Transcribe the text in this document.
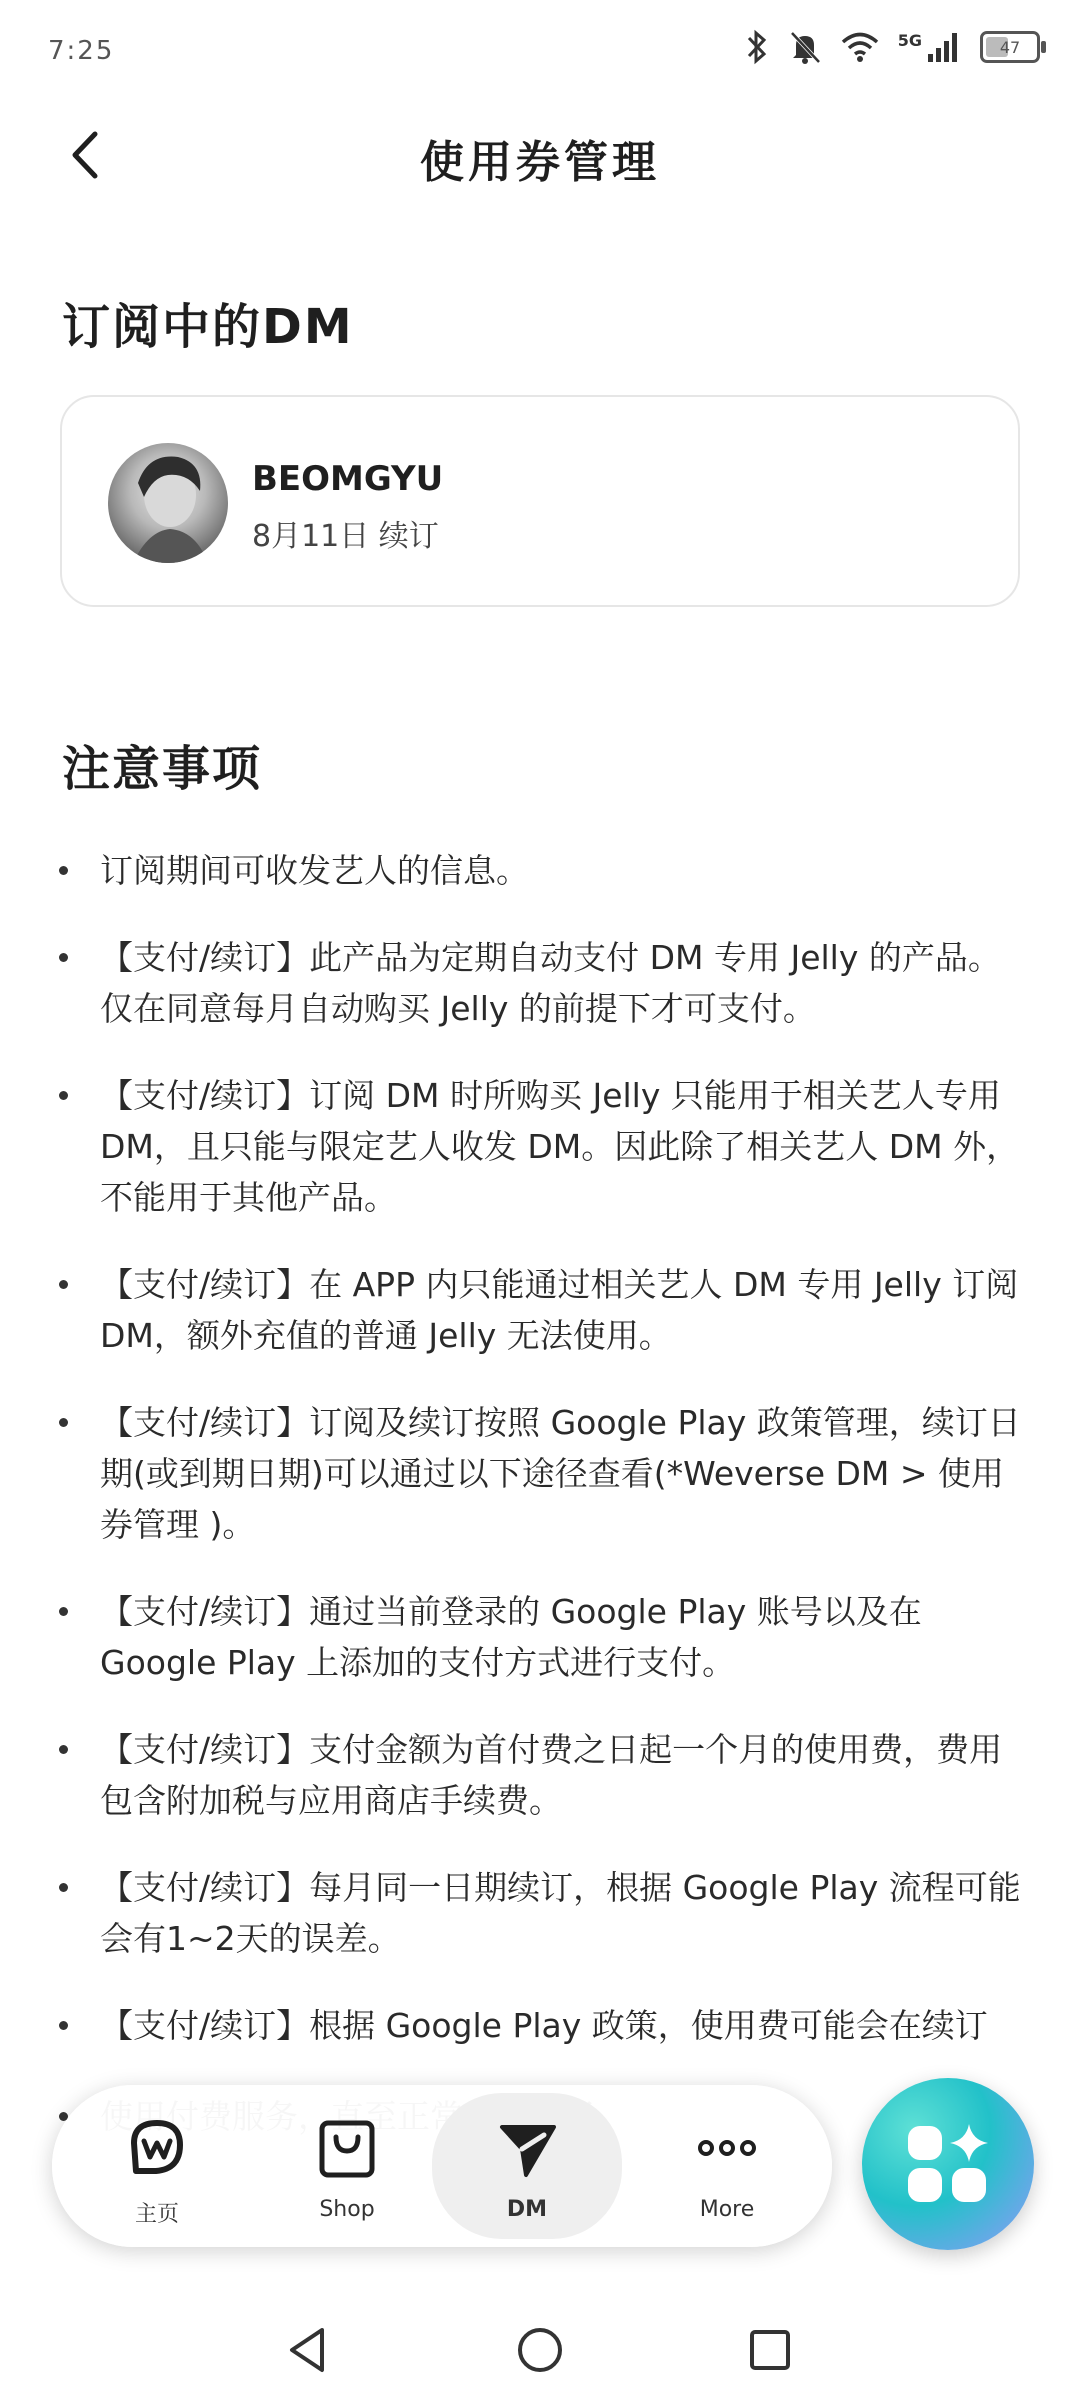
7:25	5G	47
使用券管理
订阅中的DM
BEOMGYU
8月11日 续订
注意事项
订阅期间可收发艺人的信息。
【支付/续订】此产品为定期自动支付 DM 专用 Jelly 的产品。仅在同意每月自动购买 Jelly 的前提下才可支付。
【支付/续订】订阅 DM 时所购买 Jelly 只能用于相关艺人专用 DM，且只能与限定艺人收发 DM。因此除了相关艺人 DM 外，不能用于其他产品。
【支付/续订】在 APP 内只能通过相关艺人 DM 专用 Jelly 订阅 DM，额外充值的普通 Jelly 无法使用。
【支付/续订】订阅及续订按照 Google Play 政策管理，续订日期(或到期日期)可以通过以下途径查看(*Weverse DM > 使用券管理 )。
【支付/续订】通过当前登录的 Google Play 账号以及在 Google Play 上添加的支付方式进行支付。
【支付/续订】支付金额为首付费之日起一个月的使用费，费用包含附加税与应用商店手续费。
【支付/续订】每月同一日期续订，根据 Google Play 流程可能会有1~2天的误差。
【支付/续订】根据 Google Play 政策，使用费可能会在续订
主页	Shop	DM	More
